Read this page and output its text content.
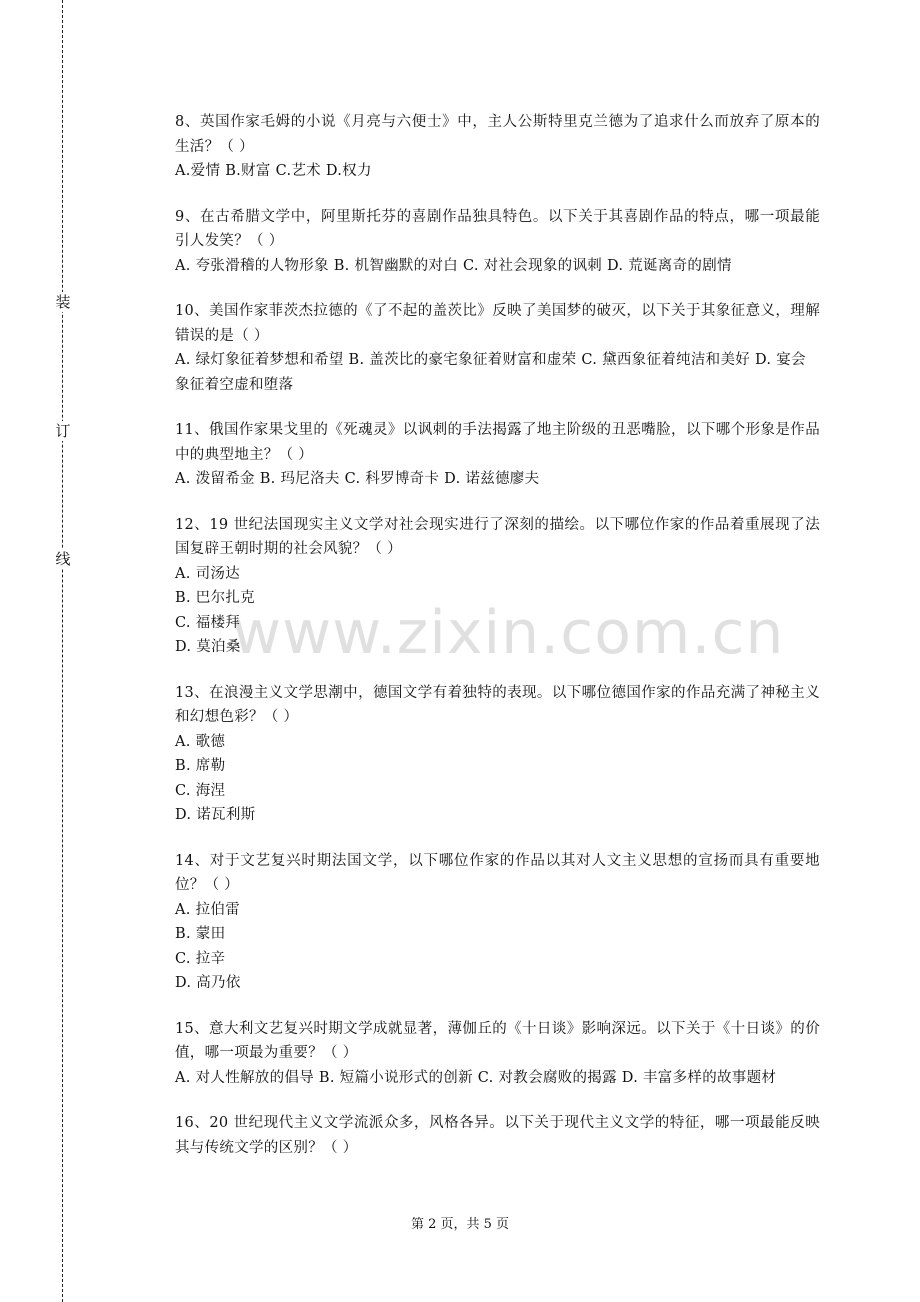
装
订
线
www.zixin.com.cn

8、英国作家毛姆的小说《月亮与六便士》中，主人公斯特里克兰德为了追求什么而放弃了原本的生活？（ ）

A.爱情 B.财富 C.艺术 D.权力

9、在古希腊文学中，阿里斯托芬的喜剧作品独具特色。以下关于其喜剧作品的特点，哪一项最能引人发笑？（ ）

A. 夸张滑稽的人物形象 B. 机智幽默的对白 C. 对社会现象的讽刺 D. 荒诞离奇的剧情

10、美国作家菲茨杰拉德的《了不起的盖茨比》反映了美国梦的破灭，以下关于其象征意义，理解错误的是（ ）

A. 绿灯象征着梦想和希望 B. 盖茨比的豪宅象征着财富和虚荣 C. 黛西象征着纯洁和美好 D. 宴会象征着空虚和堕落

11、俄国作家果戈里的《死魂灵》以讽刺的手法揭露了地主阶级的丑恶嘴脸，以下哪个形象是作品中的典型地主？（ ）

A. 泼留希金 B. 玛尼洛夫 C. 科罗博奇卡 D. 诺兹德廖夫

12、19 世纪法国现实主义文学对社会现实进行了深刻的描绘。以下哪位作家的作品着重展现了法国复辟王朝时期的社会风貌？（ ）

A. 司汤达
B. 巴尔扎克
C. 福楼拜
D. 莫泊桑

13、在浪漫主义文学思潮中，德国文学有着独特的表现。以下哪位德国作家的作品充满了神秘主义和幻想色彩？（ ）

A. 歌德
B. 席勒
C. 海涅
D. 诺瓦利斯

14、对于文艺复兴时期法国文学，以下哪位作家的作品以其对人文主义思想的宣扬而具有重要地位？（ ）

A. 拉伯雷
B. 蒙田
C. 拉辛
D. 高乃依

15、意大利文艺复兴时期文学成就显著，薄伽丘的《十日谈》影响深远。以下关于《十日谈》的价值，哪一项最为重要？（ ）

A. 对人性解放的倡导 B. 短篇小说形式的创新 C. 对教会腐败的揭露 D. 丰富多样的故事题材

16、20 世纪现代主义文学流派众多，风格各异。以下关于现代主义文学的特征，哪一项最能反映其与传统文学的区别？（ ）

第 2 页，共 5 页
